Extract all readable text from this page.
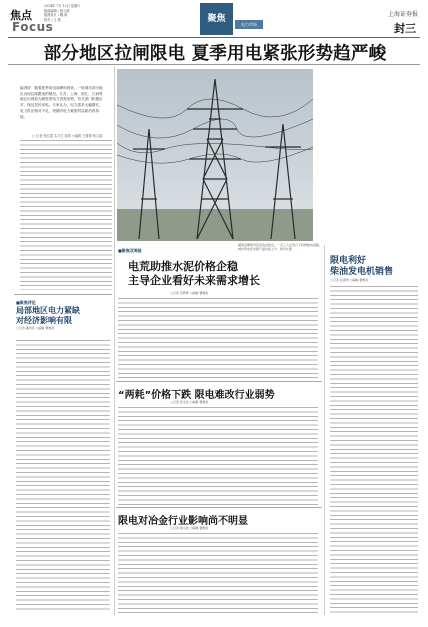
焦点
Focus
2014年 7月 12日 星期六
版面编辑 / 杨文斌
版面设计 / 魏 涛
校对 / 王 燕	聚焦
电力市场
上海证券报
封三
部分地区拉闸限电 夏季用电紧张形势趋严峻
编者按：随着夏季用电高峰的到来，一批城市部分地区出现拉闸限电的情况。江苏、上海、浙江、江西等地区出现较为紧张的电力供需形势。有关部门积极应对，保证居民用电。专家认为，电力需求大幅增长，电力供应相对不足，短期内电力紧张的局面仍将持续。
□ 记者 张红霞 实习生 欧阳 ○编辑 王继德 杨文斌
湖南省衡阳市某变电站附近，一名工人在烈日下检修输电线路，城市用电需求随气温持续上升。新华社图
限电利好
柴油发电机销售
□记者 张素琴 ○编辑 曹维政
■聚焦双周报
电荒助推水泥价格企稳
主导企业看好未来需求增长
□记者 李辉辉 ○编辑 曹维政
“两耗”价格下跌 限电难改行业弱势
□记者 吴文良 ○编辑 曹维政
限电对冶金行业影响尚不明显
□记者 徐小波 ○编辑 曹维政
■聚焦评论
局部地区电力紧缺
对经济影响有限
□记者 潘再亮 ○编辑 曹维政
